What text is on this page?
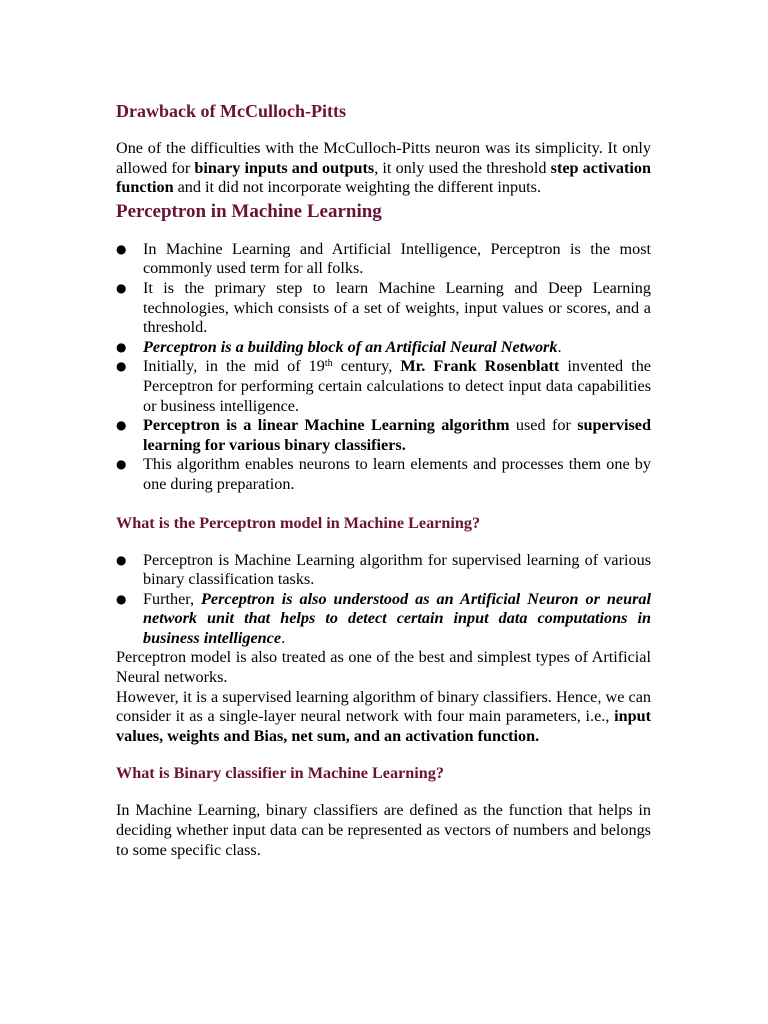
Drawback of McCulloch-Pitts

One of the difficulties with the McCulloch-Pitts neuron was its simplicity. It only allowed for binary inputs and outputs, it only used the threshold step activation function and it did not incorporate weighting the different inputs.

Perceptron in Machine Learning
● In Machine Learning and Artificial Intelligence, Perceptron is the most commonly used term for all folks.
● It is the primary step to learn Machine Learning and Deep Learning technologies, which consists of a set of weights, input values or scores, and a threshold.
● Perceptron is a building block of an Artificial Neural Network.
● Initially, in the mid of 19th century, Mr. Frank Rosenblatt invented the Perceptron for performing certain calculations to detect input data capabilities or business intelligence.
● Perceptron is a linear Machine Learning algorithm used for supervised learning for various binary classifiers.
● This algorithm enables neurons to learn elements and processes them one by one during preparation.
What is the Perceptron model in Machine Learning?
● Perceptron is Machine Learning algorithm for supervised learning of various binary classification tasks.
● Further, Perceptron is also understood as an Artificial Neuron or neural network unit that helps to detect certain input data computations in business intelligence.

Perceptron model is also treated as one of the best and simplest types of Artificial Neural networks.

However, it is a supervised learning algorithm of binary classifiers. Hence, we can consider it as a single-layer neural network with four main parameters, i.e., input values, weights and Bias, net sum, and an activation function.

What is Binary classifier in Machine Learning?

In Machine Learning, binary classifiers are defined as the function that helps in deciding whether input data can be represented as vectors of numbers and belongs to some specific class.
